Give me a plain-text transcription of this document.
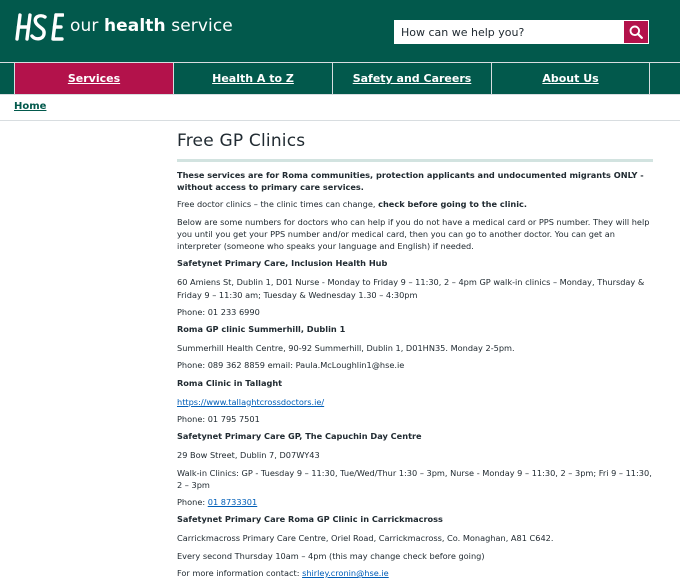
our health service
How can we help you?
Services	Health A to Z	Safety and Careers	About Us
Home
Free GP Clinics

These services are for Roma communities, protection applicants and undocumented migrants ONLY - without access to primary care services.

Free doctor clinics – the clinic times can change, check before going to the clinic.

Below are some numbers for doctors who can help if you do not have a medical card or PPS number. They will help you until you get your PPS number and/or medical card, then you can go to another doctor. You can get an interpreter (someone who speaks your language and English) if needed.

Safetynet Primary Care, Inclusion Health Hub

60 Amiens St, Dublin 1, D01 Nurse - Monday to Friday 9 – 11:30, 2 – 4pm GP walk-in clinics – Monday, Thursday & Friday 9 – 11:30 am; Tuesday & Wednesday 1.30 – 4:30pm

Phone: 01 233 6990

Roma GP clinic Summerhill, Dublin 1

Summerhill Health Centre, 90-92 Summerhill, Dublin 1, D01HN35. Monday 2-5pm.

Phone: 089 362 8859 email: Paula.McLoughlin1@hse.ie

Roma Clinic in Tallaght

https://www.tallaghtcrossdoctors.ie/

Phone: 01 795 7501

Safetynet Primary Care GP, The Capuchin Day Centre

29 Bow Street, Dublin 7, D07WY43

Walk-in Clinics: GP - Tuesday 9 – 11:30, Tue/Wed/Thur 1:30 – 3pm, Nurse - Monday 9 – 11:30, 2 – 3pm; Fri 9 – 11:30, 2 – 3pm

Phone: 01 8733301

Safetynet Primary Care Roma GP Clinic in Carrickmacross

Carrickmacross Primary Care Centre, Oriel Road, Carrickmacross, Co. Monaghan, A81 C642.

Every second Thursday 10am – 4pm (this may change check before going)

For more information contact: shirley.cronin@hse.ie
